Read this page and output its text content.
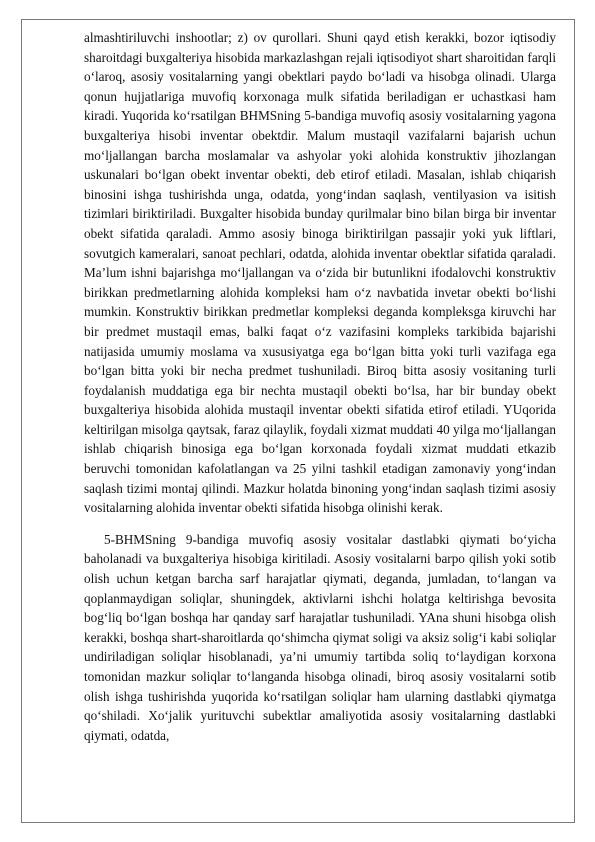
almashtiriluvchi inshootlar; z) ov qurollari. Shuni qayd etish kerakki, bozor iqtisodiy sharoitdagi buxgalteriya hisobida markazlashgan rejali iqtisodiyot shart sharoitidan farqli o‘laroq, asosiy vositalarning yangi obektlari paydo bo‘ladi va hisobga olinadi. Ularga qonun hujjatlariga muvofiq korxonaga mulk sifatida beriladigan er uchastkasi ham kiradi. Yuqorida ko‘rsatilgan BHMSning 5-bandiga muvofiq asosiy vositalarning yagona buxgalteriya hisobi inventar obektdir. Malum mustaqil vazifalarni bajarish uchun mo‘ljallangan barcha moslamalar va ashyolar yoki alohida konstruktiv jihozlangan uskunalari bo‘lgan obekt inventar obekti, deb etirof etiladi. Masalan, ishlab chiqarish binosini ishga tushirishda unga, odatda, yong‘indan saqlash, ventilyasion va isitish tizimlari biriktiriladi. Buxgalter hisobida bunday qurilmalar bino bilan birga bir inventar obekt sifatida qaraladi. Ammo asosiy binoga biriktirilgan passajir yoki yuk liftlari, sovutgich kameralari, sanoat pechlari, odatda, alohida inventar obektlar sifatida qaraladi. Ma’lum ishni bajarishga mo‘ljallangan va o‘zida bir butunlikni ifodalovchi konstruktiv birikkan predmetlarning alohida kompleksi ham o‘z navbatida invetar obekti bo‘lishi mumkin. Konstruktiv birikkan predmetlar kompleksi deganda kompleksga kiruvchi har bir predmet mustaqil emas, balki faqat o‘z vazifasini kompleks tarkibida bajarishi natijasida umumiy moslama va xususiyatga ega bo‘lgan bitta yoki turli vazifaga ega bo‘lgan bitta yoki bir necha predmet tushuniladi. Biroq bitta asosiy vositaning turli foydalanish muddatiga ega bir nechta mustaqil obekti bo‘lsa, har bir bunday obekt buxgalteriya hisobida alohida mustaqil inventar obekti sifatida etirof etiladi. YUqorida keltirilgan misolga qaytsak, faraz qilaylik, foydali xizmat muddati 40 yilga mo‘ljallangan ishlab chiqarish binosiga ega bo‘lgan korxonada foydali xizmat muddati etkazib beruvchi tomonidan kafolatlangan va 25 yilni tashkil etadigan zamonaviy yong‘indan saqlash tizimi montaj qilindi. Mazkur holatda binoning yong‘indan saqlash tizimi asosiy vositalarning alohida inventar obekti sifatida hisobga olinishi kerak.

5-BHMSning 9-bandiga muvofiq asosiy vositalar dastlabki qiymati bo‘yicha baholanadi va buxgalteriya hisobiga kiritiladi. Asosiy vositalarni barpo qilish yoki sotib olish uchun ketgan barcha sarf harajatlar qiymati, deganda, jumladan, to‘langan va qoplanmaydigan soliqlar, shuningdek, aktivlarni ishchi holatga keltirishga bevosita bog‘liq bo‘lgan boshqa har qanday sarf harajatlar tushuniladi. YAna shuni hisobga olish kerakki, boshqa shart-sharoitlarda qo‘shimcha qiymat soligi va aksiz solig‘i kabi soliqlar undiriladigan soliqlar hisoblanadi, ya’ni umumiy tartibda soliq to‘laydigan korxona tomonidan mazkur soliqlar to‘langanda hisobga olinadi, biroq asosiy vositalarni sotib olish ishga tushirishda yuqorida ko‘rsatilgan soliqlar ham ularning dastlabki qiymatga qo‘shiladi. Xo‘jalik yurituvchi subektlar amaliyotida asosiy vositalarning dastlabki qiymati, odatda,
